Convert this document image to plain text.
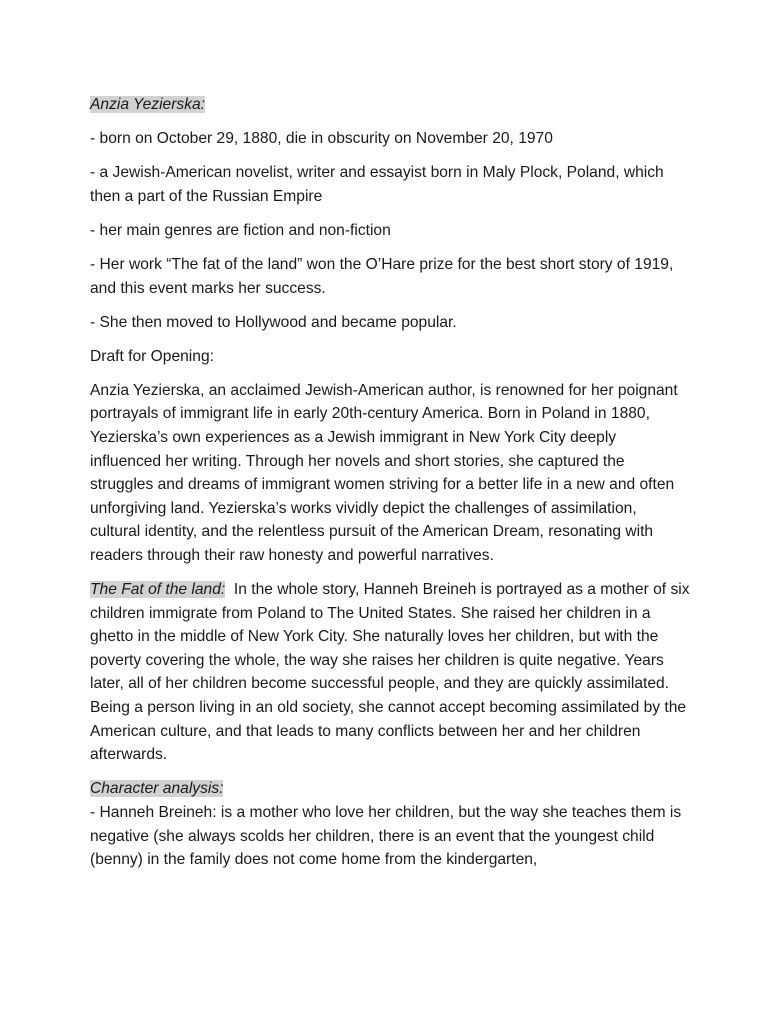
Anzia Yezierska:

- born on October 29, 1880, die in obscurity on November 20, 1970

- a Jewish-American novelist, writer and essayist born in Maly Plock, Poland, which then a part of the Russian Empire

- her main genres are fiction and non-fiction

- Her work “The fat of the land” won the O’Hare prize for the best short story of 1919, and this event marks her success.

- She then moved to Hollywood and became popular.

Draft for Opening:

Anzia Yezierska, an acclaimed Jewish-American author, is renowned for her poignant portrayals of immigrant life in early 20th-century America. Born in Poland in 1880, Yezierska’s own experiences as a Jewish immigrant in New York City deeply influenced her writing. Through her novels and short stories, she captured the struggles and dreams of immigrant women striving for a better life in a new and often unforgiving land. Yezierska’s works vividly depict the challenges of assimilation, cultural identity, and the relentless pursuit of the American Dream, resonating with readers through their raw honesty and powerful narratives.

The Fat of the land:  In the whole story, Hanneh Breineh is portrayed as a mother of six children immigrate from Poland to The United States. She raised her children in a ghetto in the middle of New York City. She naturally loves her children, but with the poverty covering the whole, the way she raises her children is quite negative. Years later, all of her children become successful people, and they are quickly assimilated. Being a person living in an old society, she cannot accept becoming assimilated by the American culture, and that leads to many conflicts between her and her children afterwards.

Character analysis:

- Hanneh Breineh: is a mother who love her children, but the way she teaches them is negative (she always scolds her children, there is an event that the youngest child (benny) in the family does not come home from the kindergarten,
